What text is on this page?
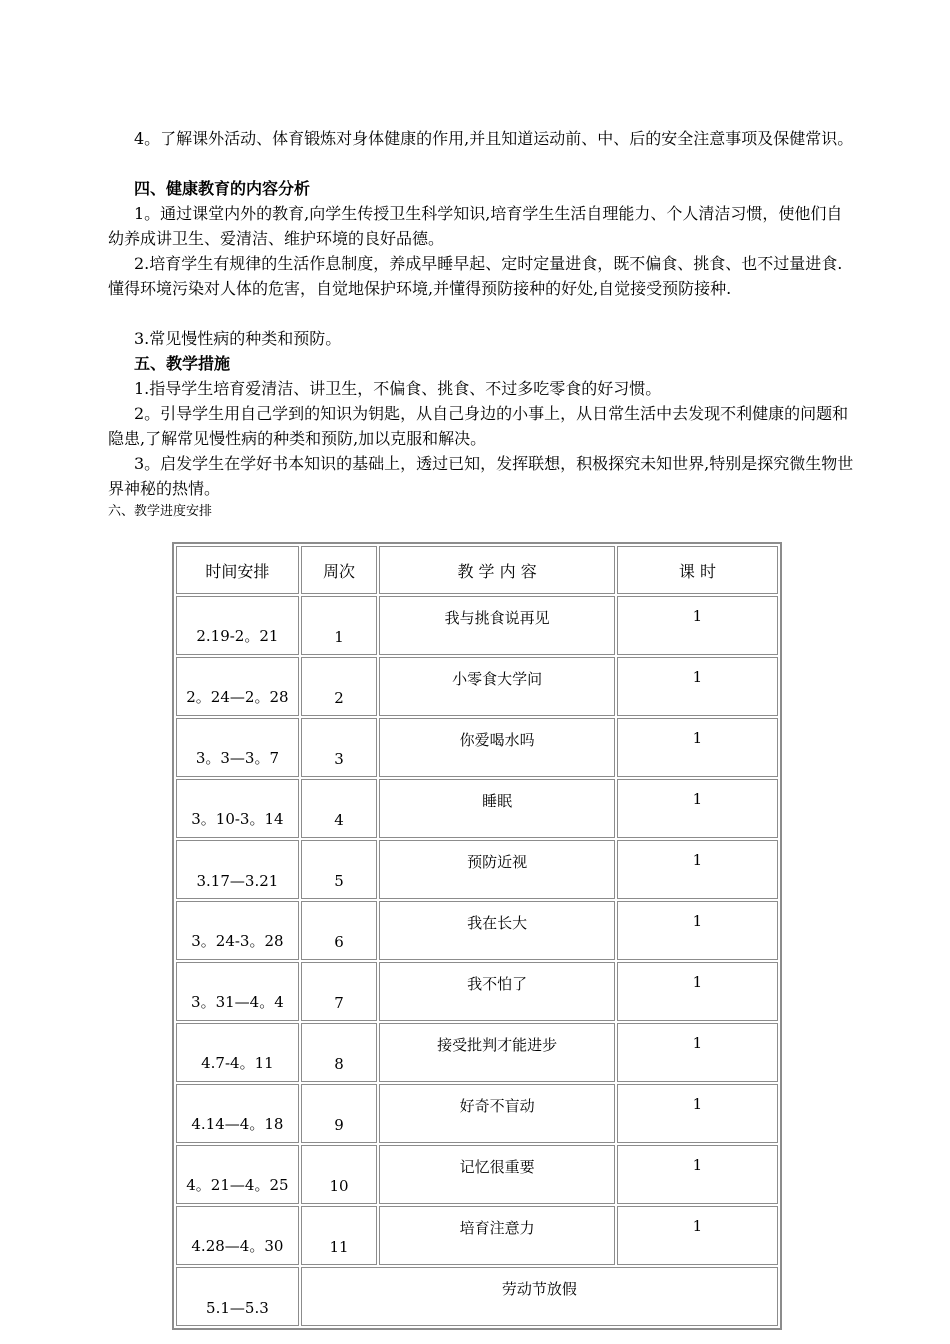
4。了解课外活动、体育锻炼对身体健康的作用,并且知道运动前、中、后的安全注意事项及保健常识。

四、健康教育的内容分析

1。通过课堂内外的教育,向学生传授卫生科学知识,培育学生生活自理能力、个人清洁习惯，使他们自幼养成讲卫生、爱清洁、维护环境的良好品德。

2.培育学生有规律的生活作息制度，养成早睡早起、定时定量进食，既不偏食、挑食、也不过量进食.懂得环境污染对人体的危害，自觉地保护环境,并懂得预防接种的好处,自觉接受预防接种.

3.常见慢性病的种类和预防。

五、教学措施

1.指导学生培育爱清洁、讲卫生，不偏食、挑食、不过多吃零食的好习惯。

2。引导学生用自己学到的知识为钥匙，从自己身边的小事上，从日常生活中去发现不利健康的问题和隐患,了解常见慢性病的种类和预防,加以克服和解决。

3。启发学生在学好书本知识的基础上，透过已知，发挥联想，积极探究未知世界,特别是探究微生物世界神秘的热情。

六、教学进度安排

时间安排	周次	教 学 内 容	课 时
2.19-2。21	1	我与挑食说再见	1
2。24—2。28	2	小零食大学问	1
3。3—3。7	3	你爱喝水吗	1
3。10-3。14	4	睡眠	1
3.17—3.21	5	预防近视	1
3。24-3。28	6	我在长大	1
3。31—4。4	7	我不怕了	1
4.7-4。11	8	接受批判才能进步	1
4.14—4。18	9	好奇不盲动	1
4。21—4。25	10	记忆很重要	1
4.28—4。30	11	培育注意力	1
5.1—5.3	劳动节放假		
